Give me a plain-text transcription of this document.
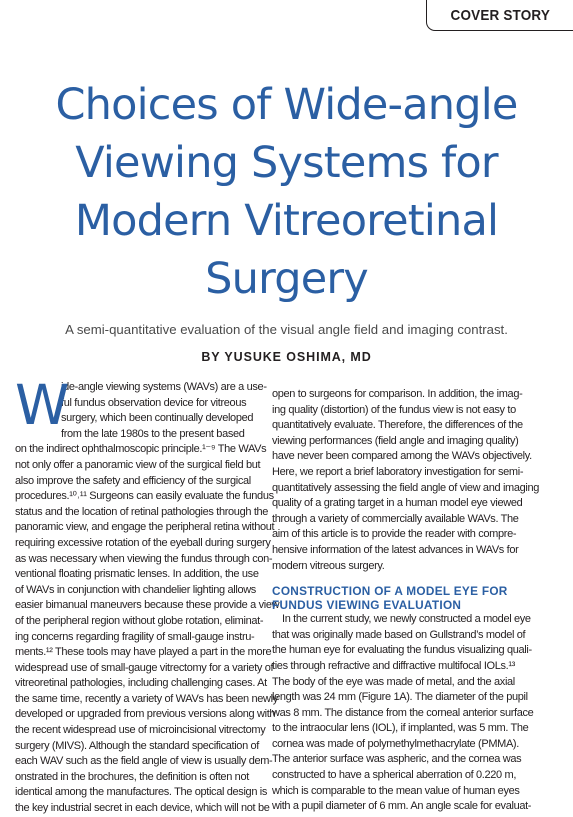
COVER STORY
Choices of Wide-angle
Viewing Systems for
Modern Vitreoretinal
Surgery

A semi-quantitative evaluation of the visual angle field and imaging contrast.

BY YUSUKE OSHIMA, MD

W
ide-angle viewing systems (WAVs) are a use-
ful fundus observation device for vitreous
surgery, which been continually developed
from the late 1980s to the present based
on the indirect ophthalmoscopic principle.¹⁻⁹ The WAVs
not only offer a panoramic view of the surgical field but
also improve the safety and efficiency of the surgical
procedures.¹⁰˒¹¹ Surgeons can easily evaluate the fundus
status and the location of retinal pathologies through the
panoramic view, and engage the peripheral retina without
requiring excessive rotation of the eyeball during surgery
as was necessary when viewing the fundus through con-
ventional floating prismatic lenses. In addition, the use
of WAVs in conjunction with chandelier lighting allows
easier bimanual maneuvers because these provide a view
of the peripheral region without globe rotation, eliminat-
ing concerns regarding fragility of small-gauge instru-
ments.¹² These tools may have played a part in the more
widespread use of small-gauge vitrectomy for a variety of
vitreoretinal pathologies, including challenging cases. At
the same time, recently a variety of WAVs has been newly
developed or upgraded from previous versions along with
the recent widespread use of microincisional vitrectomy
surgery (MIVS). Although the standard specification of
each WAV such as the field angle of view is usually dem-
onstrated in the brochures, the definition is often not
identical among the manufactures. The optical design is
the key industrial secret in each device, which will not be
open to surgeons for comparison. In addition, the imag-
ing quality (distortion) of the fundus view is not easy to
quantitatively evaluate. Therefore, the differences of the
viewing performances (field angle and imaging quality)
have never been compared among the WAVs objectively.
Here, we report a brief laboratory investigation for semi-
quantitatively assessing the field angle of view and imaging
quality of a grating target in a human model eye viewed
through a variety of commercially available WAVs. The
aim of this article is to provide the reader with compre-
hensive information of the latest advances in WAVs for
modern vitreous surgery.
CONSTRUCTION OF A MODEL EYE FOR
FUNDUS VIEWING EVALUATION
In the current study, we newly constructed a model eye
that was originally made based on Gullstrand’s model of
the human eye for evaluating the fundus visualizing quali-
ties through refractive and diffractive multifocal IOLs.¹³
The body of the eye was made of metal, and the axial
length was 24 mm (Figure 1A). The diameter of the pupil
was 8 mm. The distance from the corneal anterior surface
to the intraocular lens (IOL), if implanted, was 5 mm. The
cornea was made of polymethylmethacrylate (PMMA).
The anterior surface was aspheric, and the cornea was
constructed to have a spherical aberration of 0.220 m,
which is comparable to the mean value of human eyes
with a pupil diameter of 6 mm. An angle scale for evaluat-
